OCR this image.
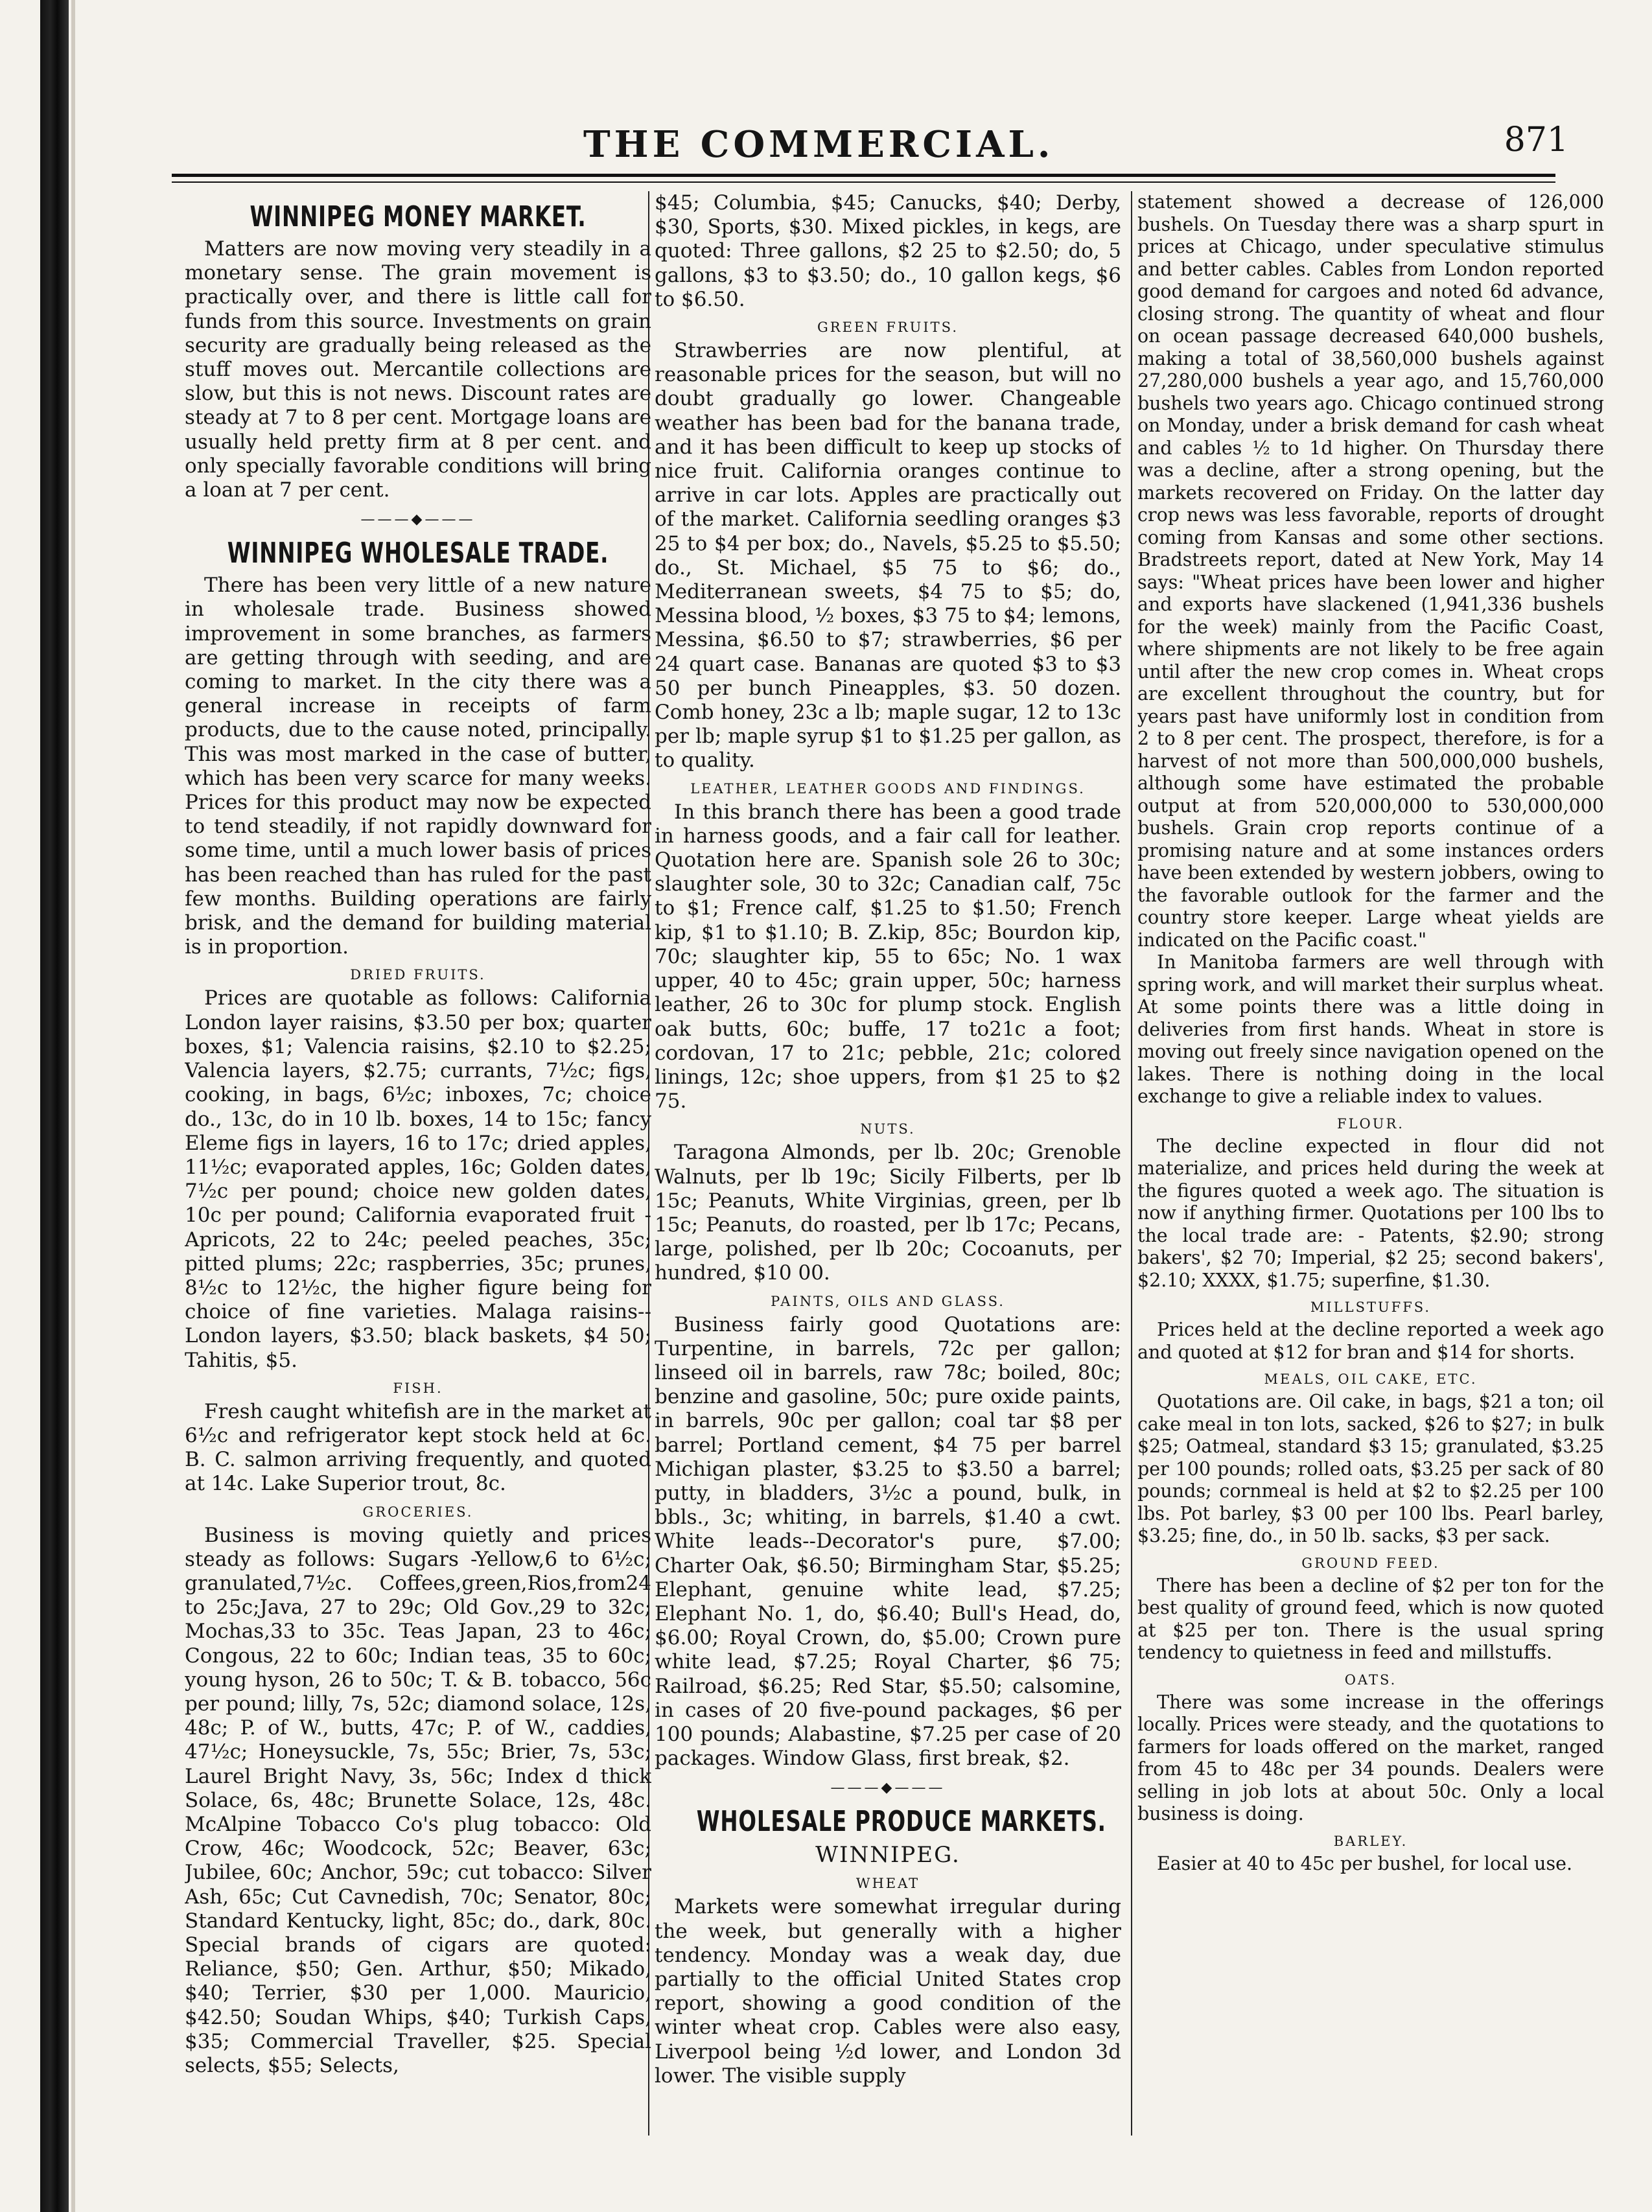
THE COMMERCIAL.	871
WINNIPEG MONEY MARKET.

Matters are now moving very steadily in a monetary sense. The grain movement is practically over, and there is little call for funds from this source. Investments on grain security are gradually being released as the stuff moves out. Mercantile collections are slow, but this is not news. Discount rates are steady at 7 to 8 per cent. Mortgage loans are usually held pretty firm at 8 per cent. and only specially favorable conditions will bring a loan at 7 per cent.

———◆———
WINNIPEG WHOLESALE TRADE.

There has been very little of a new nature in wholesale trade. Business showed improvement in some branches, as farmers are getting through with seeding, and are coming to market. In the city there was a general increase in receipts of farm products, due to the cause noted, principally. This was most marked in the case of butter, which has been very scarce for many weeks. Prices for this product may now be expected to tend steadily, if not rapidly downward for some time, until a much lower basis of prices has been reached than has ruled for the past few months. Building operations are fairly brisk, and the demand for building material is in proportion.

DRIED FRUITS.

Prices are quotable as follows: California London layer raisins, $3.50 per box; quarter boxes, $1; Valencia raisins, $2.10 to $2.25; Valencia layers, $2.75; currants, 7½c; figs, cooking, in bags, 6½c; inboxes, 7c; choice do., 13c, do in 10 lb. boxes, 14 to 15c; fancy Eleme figs in layers, 16 to 17c; dried apples, 11½c; evaporated apples, 16c; Golden dates, 7½c per pound; choice new golden dates, 10c per pound; California evaporated fruit - Apricots, 22 to 24c; peeled peaches, 35c; pitted plums; 22c; raspberries, 35c; prunes, 8½c to 12½c, the higher figure being for choice of fine varieties. Malaga raisins--London layers, $3.50; black baskets, $4 50; Tahitis, $5.

FISH.

Fresh caught whitefish are in the market at 6½c and refrigerator kept stock held at 6c. B. C. salmon arriving frequently, and quoted at 14c. Lake Superior trout, 8c.

GROCERIES.

Business is moving quietly and prices steady as follows: Sugars -Yellow,6 to 6½c; granulated,7½c. Coffees,green,Rios,from24 to 25c;Java, 27 to 29c; Old Gov.,29 to 32c; Mochas,33 to 35c. Teas Japan, 23 to 46c; Congous, 22 to 60c; Indian teas, 35 to 60c; young hyson, 26 to 50c; T. & B. tobacco, 56c per pound; lilly, 7s, 52c; diamond solace, 12s, 48c; P. of W., butts, 47c; P. of W., caddies, 47½c; Honeysuckle, 7s, 55c; Brier, 7s, 53c; Laurel Bright Navy, 3s, 56c; Index d thick Solace, 6s, 48c; Brunette Solace, 12s, 48c. McAlpine Tobacco Co's plug tobacco: Old Crow, 46c; Woodcock, 52c; Beaver, 63c; Jubilee, 60c; Anchor, 59c; cut tobacco: Silver Ash, 65c; Cut Cavnedish, 70c; Senator, 80c; Standard Kentucky, light, 85c; do., dark, 80c. Special brands of cigars are quoted: Reliance, $50; Gen. Arthur, $50; Mikado, $40; Terrier, $30 per 1,000. Mauricio, $42.50; Soudan Whips, $40; Turkish Caps, $35; Commercial Traveller, $25. Special selects, $55; Selects,

$45; Columbia, $45; Canucks, $40; Derby, $30, Sports, $30. Mixed pickles, in kegs, are quoted: Three gallons, $2 25 to $2.50; do, 5 gallons, $3 to $3.50; do., 10 gallon kegs, $6 to $6.50.

GREEN FRUITS.

Strawberries are now plentiful, at reasonable prices for the season, but will no doubt gradually go lower. Changeable weather has been bad for the banana trade, and it has been difficult to keep up stocks of nice fruit. California oranges continue to arrive in car lots. Apples are practically out of the market. California seedling oranges $3 25 to $4 per box; do., Navels, $5.25 to $5.50; do., St. Michael, $5 75 to $6; do., Mediterranean sweets, $4 75 to $5; do, Messina blood, ½ boxes, $3 75 to $4; lemons, Messina, $6.50 to $7; strawberries, $6 per 24 quart case. Bananas are quoted $3 to $3 50 per bunch Pineapples, $3. 50 dozen. Comb honey, 23c a lb; maple sugar, 12 to 13c per lb; maple syrup $1 to $1.25 per gallon, as to quality.

LEATHER, LEATHER GOODS AND FINDINGS.

In this branch there has been a good trade in harness goods, and a fair call for leather. Quotation here are. Spanish sole 26 to 30c; slaughter sole, 30 to 32c; Canadian calf, 75c to $1; Frence calf, $1.25 to $1.50; French kip, $1 to $1.10; B. Z.kip, 85c; Bourdon kip, 70c; slaughter kip, 55 to 65c; No. 1 wax upper, 40 to 45c; grain upper, 50c; harness leather, 26 to 30c for plump stock. English oak butts, 60c; buffe, 17 to21c a foot; cordovan, 17 to 21c; pebble, 21c; colored linings, 12c; shoe uppers, from $1 25 to $2 75.

NUTS.

Taragona Almonds, per lb. 20c; Grenoble Walnuts, per lb 19c; Sicily Filberts, per lb 15c; Peanuts, White Virginias, green, per lb 15c; Peanuts, do roasted, per lb 17c; Pecans, large, polished, per lb 20c; Cocoanuts, per hundred, $10 00.

PAINTS, OILS AND GLASS.

Business fairly good Quotations are: Turpentine, in barrels, 72c per gallon; linseed oil in barrels, raw 78c; boiled, 80c; benzine and gasoline, 50c; pure oxide paints, in barrels, 90c per gallon; coal tar $8 per barrel; Portland cement, $4 75 per barrel Michigan plaster, $3.25 to $3.50 a barrel; putty, in bladders, 3½c a pound, bulk, in bbls., 3c; whiting, in barrels, $1.40 a cwt. White leads--Decorator's pure, $7.00; Charter Oak, $6.50; Birmingham Star, $5.25; Elephant, genuine white lead, $7.25; Elephant No. 1, do, $6.40; Bull's Head, do, $6.00; Royal Crown, do, $5.00; Crown pure white lead, $7.25; Royal Charter, $6 75; Railroad, $6.25; Red Star, $5.50; calsomine, in cases of 20 five-pound packages, $6 per 100 pounds; Alabastine, $7.25 per case of 20 packages. Window Glass, first break, $2.

———◆———
WHOLESALE PRODUCE MARKETS.
WINNIPEG.
WHEAT

Markets were somewhat irregular during the week, but generally with a higher tendency. Monday was a weak day, due partially to the official United States crop report, showing a good condition of the winter wheat crop. Cables were also easy, Liverpool being ½d lower, and London 3d lower. The visible supply

statement showed a decrease of 126,000 bushels. On Tuesday there was a sharp spurt in prices at Chicago, under speculative stimulus and better cables. Cables from London reported good demand for cargoes and noted 6d advance, closing strong. The quantity of wheat and flour on ocean passage decreased 640,000 bushels, making a total of 38,560,000 bushels against 27,280,000 bushels a year ago, and 15,760,000 bushels two years ago. Chicago continued strong on Monday, under a brisk demand for cash wheat and cables ½ to 1d higher. On Thursday there was a decline, after a strong opening, but the markets recovered on Friday. On the latter day crop news was less favorable, reports of drought coming from Kansas and some other sections. Bradstreets report, dated at New York, May 14 says: "Wheat prices have been lower and higher and exports have slackened (1,941,336 bushels for the week) mainly from the Pacific Coast, where shipments are not likely to be free again until after the new crop comes in. Wheat crops are excellent throughout the country, but for years past have uniformly lost in condition from 2 to 8 per cent. The prospect, therefore, is for a harvest of not more than 500,000,000 bushels, although some have estimated the probable output at from 520,000,000 to 530,000,000 bushels. Grain crop reports continue of a promising nature and at some instances orders have been extended by western jobbers, owing to the favorable outlook for the farmer and the country store keeper. Large wheat yields are indicated on the Pacific coast."

In Manitoba farmers are well through with spring work, and will market their surplus wheat. At some points there was a little doing in deliveries from first hands. Wheat in store is moving out freely since navigation opened on the lakes. There is nothing doing in the local exchange to give a reliable index to values.

FLOUR.

The decline expected in flour did not materialize, and prices held during the week at the figures quoted a week ago. The situation is now if anything firmer. Quotations per 100 lbs to the local trade are: - Patents, $2.90; strong bakers', $2 70; Imperial, $2 25; second bakers', $2.10; XXXX, $1.75; superfine, $1.30.

MILLSTUFFS.

Prices held at the decline reported a week ago and quoted at $12 for bran and $14 for shorts.

MEALS, OIL CAKE, ETC.

Quotations are. Oil cake, in bags, $21 a ton; oil cake meal in ton lots, sacked, $26 to $27; in bulk $25; Oatmeal, standard $3 15; granulated, $3.25 per 100 pounds; rolled oats, $3.25 per sack of 80 pounds; cornmeal is held at $2 to $2.25 per 100 lbs. Pot barley, $3 00 per 100 lbs. Pearl barley, $3.25; fine, do., in 50 lb. sacks, $3 per sack.

GROUND FEED.

There has been a decline of $2 per ton for the best quality of ground feed, which is now quoted at $25 per ton. There is the usual spring tendency to quietness in feed and millstuffs.

OATS.

There was some increase in the offerings locally. Prices were steady, and the quotations to farmers for loads offered on the market, ranged from 45 to 48c per 34 pounds. Dealers were selling in job lots at about 50c. Only a local business is doing.

BARLEY.

Easier at 40 to 45c per bushel, for local use.
